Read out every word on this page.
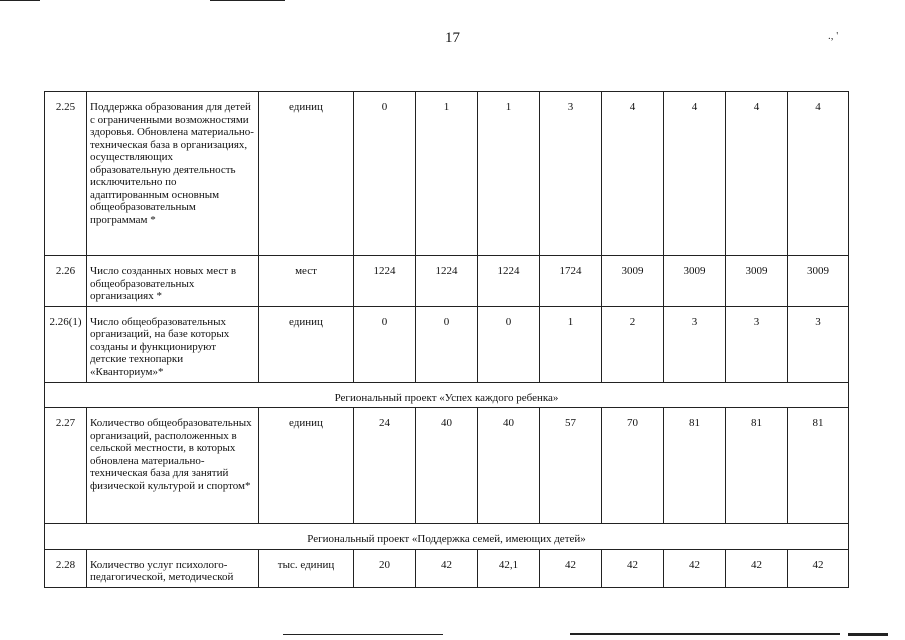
17	., '
2.25	Поддержка образования для детей с ограниченными возможностями здоровья. Обновлена материально-техническая база в организациях, осуществляющих образовательную деятельность исключительно по адаптированным основным общеобразовательным программам *	единиц	0	1	1	3	4	4	4	4
2.26	Число созданных новых мест в общеобразовательных организациях *	мест	1224	1224	1224	1724	3009	3009	3009	3009
2.26(1)	Число общеобразовательных организаций, на базе которых созданы и функционируют детские технопарки «Кванториум»*	единиц	0	0	0	1	2	3	3	3
Региональный проект «Успех каждого ребенка»										
2.27	Количество общеобразовательных организаций, расположенных в сельской местности, в которых обновлена материально-техническая база для занятий физической культурой и спортом*	единиц	24	40	40	57	70	81	81	81
Региональный проект «Поддержка семей, имеющих детей»										
2.28	Количество услуг психолого-педагогической, методической	тыс. единиц	20	42	42,1	42	42	42	42	42
